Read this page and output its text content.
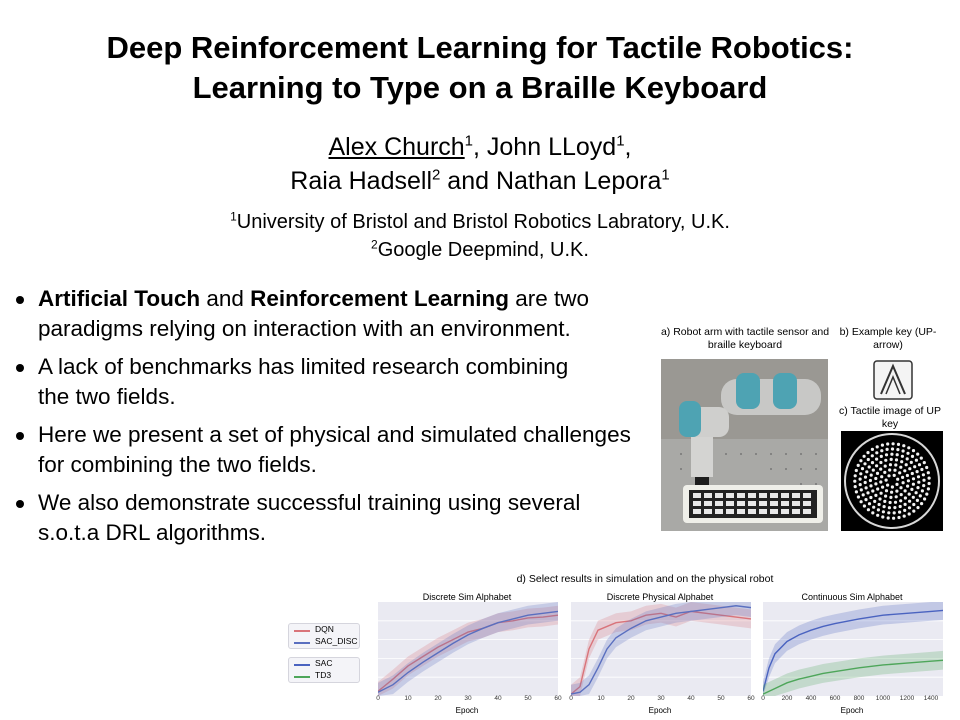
Deep Reinforcement Learning for Tactile Robotics:
Learning to Type on a Braille Keyboard
Alex Church$^1$, John LLoyd$^1$,
Raia Hadsell$^2$ and Nathan Lepora$^1$
$^1$University of Bristol and Bristol Robotics Labratory, U.K.
$^2$Google Deepmind, U.K.
Artificial Touch and Reinforcement Learning are two paradigms relying on interaction with an environment.
A lack of benchmarks has limited research combining the two fields.
Here we present a set of physical and simulated challenges for combining the two fields.
We also demonstrate successful training using several s.o.t.a DRL algorithms.
a) Robot arm with tactile sensor and braille keyboard
b) Example key (UP-arrow)
c) Tactile image of UP key
d) Select results in simulation and on the physical robot
Discrete Sim Alphabet
0	10	20	30	40	50	60
Epoch
Discrete Physical Alphabet
0	10	20	30	40	50	60
Epoch
Continuous Sim Alphabet
0	200 400 600 800 1000 1200 1400
Epoch
DQN
SAC_DISC
SAC
TD3
